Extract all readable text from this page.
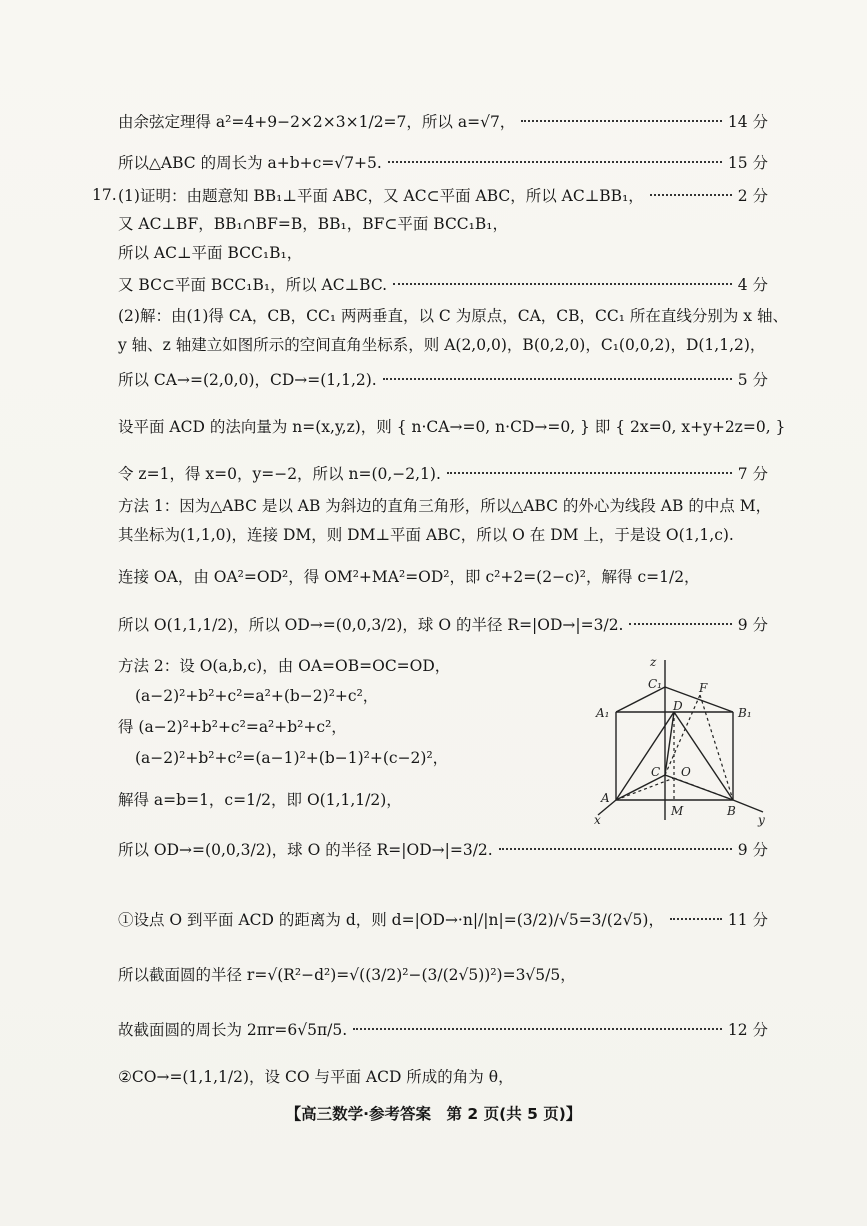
由余弦定理得 a²=4+9−2×2×3×1/2=7，所以 a=√7，	14 分
所以△ABC 的周长为 a+b+c=√7+5.	15 分
17. (1)证明：由题意知 BB₁⊥平面 ABC，又 AC⊂平面 ABC，所以 AC⊥BB₁，	2 分
又 AC⊥BF，BB₁∩BF=B，BB₁，BF⊂平面 BCC₁B₁，
所以 AC⊥平面 BCC₁B₁，
又 BC⊂平面 BCC₁B₁，所以 AC⊥BC.	4 分
(2)解：由(1)得 CA，CB，CC₁ 两两垂直，以 C 为原点，CA，CB，CC₁ 所在直线分别为 x 轴、
y 轴、z 轴建立如图所示的空间直角坐标系，则 A(2,0,0)，B(0,2,0)，C₁(0,0,2)，D(1,1,2)，
所以 CA→=(2,0,0)，CD→=(1,1,2).	5 分
设平面 ACD 的法向量为 n=(x,y,z)，则 { n·CA→=0, n·CD→=0, } 即 { 2x=0, x+y+2z=0, }
令 z=1，得 x=0，y=−2，所以 n=(0,−2,1).	7 分
方法 1：因为△ABC 是以 AB 为斜边的直角三角形，所以△ABC 的外心为线段 AB 的中点 M，
其坐标为(1,1,0)，连接 DM，则 DM⊥平面 ABC，所以 O 在 DM 上，于是设 O(1,1,c).
连接 OA，由 OA²=OD²，得 OM²+MA²=OD²，即 c²+2=(2−c)²，解得 c=1/2，
所以 O(1,1,1/2)，所以 OD→=(0,0,3/2)，球 O 的半径 R=|OD→|=3/2.	9 分
方法 2：设 O(a,b,c)，由 OA=OB=OC=OD，
(a−2)²+b²+c²=a²+(b−2)²+c²，
得 (a−2)²+b²+c²=a²+b²+c²，
(a−2)²+b²+c²=(a−1)²+(b−1)²+(c−2)²，
解得 a=b=1，c=1/2，即 O(1,1,1/2)，
所以 OD→=(0,0,3/2)，球 O 的半径 R=|OD→|=3/2.	9 分
①设点 O 到平面 ACD 的距离为 d，则 d=|OD→·n|/|n|=(3/2)/√5=3/(2√5)，	11 分
所以截面圆的半径 r=√(R²−d²)=√((3/2)²−(3/(2√5))²)=3√5/5，
故截面圆的周长为 2πr=6√5π/5.	12 分
②CO→=(1,1,1/2)，设 CO 与平面 ACD 所成的角为 θ，
z
C₁	F
A₁	D	B₁
C O
A
M	B
x	y
【高三数学·参考答案　第 2 页(共 5 页)】
